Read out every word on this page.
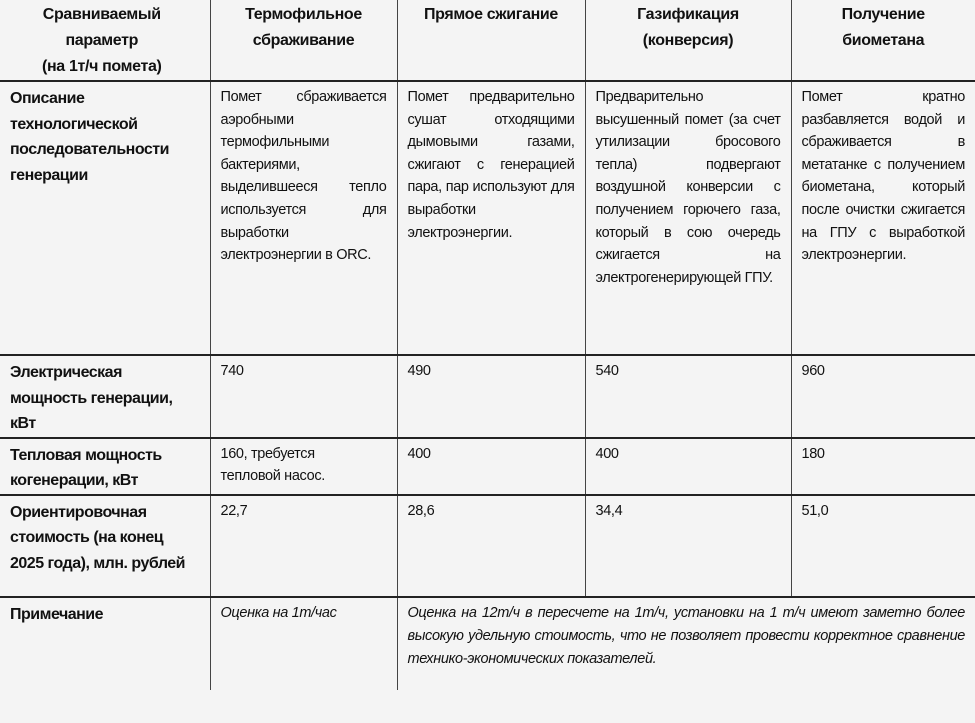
Сравниваемый
параметр
(на 1т/ч помета)	Термофильное сбраживание	Прямое сжигание	Газификация (конверсия)	Получение биометана
Описание технологической последовательности генерации	Помет сбраживается аэробными термофильными бактериями, выделившееся тепло используется для выработки электроэнергии в ORC.	Помет предварительно сушат отходящими дымовыми газами, сжигают с генерацией пара, пар используют для выработки электроэнергии.	Предварительно высушенный помет (за счет утилизации бросового тепла) подвергают воздушной конверсии с получением горючего газа, который в сою очередь сжигается на электрогенерирующей ГПУ.	Помет кратно разбавляется водой и сбраживается в метатанке с получением биометана, который после очистки сжигается на ГПУ с выработкой электроэнергии.
Электрическая мощность генерации, кВт	740	490	540	960
Тепловая мощность когенерации, кВт	160, требуется тепловой насос.	400	400	180
Ориентировочная стоимость (на конец 2025 года), млн. рублей	22,7	28,6	34,4	51,0
Примечание	Оценка на 1т/час	Оценка на 12т/ч в пересчете на 1т/ч, установки на 1 т/ч имеют заметно более высокую удельную стоимость, что не позволяет провести корректное сравнение технико-экономических показателей.		
